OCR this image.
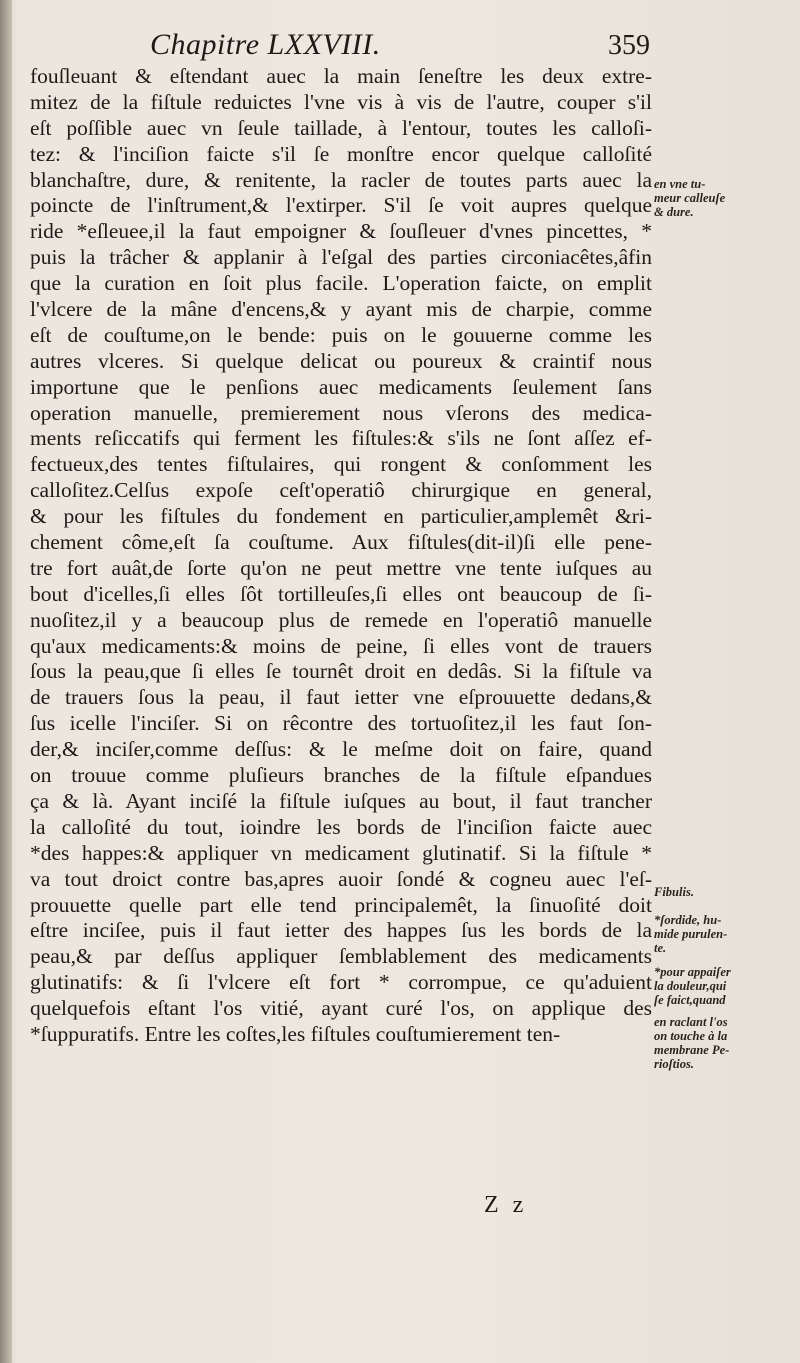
Chapitre LXXVIII.	359
fouſleuant & eſtendant auec la main ſeneſtre les deux extre-
mitez de la fiſtule reduictes l'vne vis à vis de l'autre, couper s'il
eſt poſſible auec vn ſeule taillade, à l'entour, toutes les calloſi-
tez: & l'inciſion faicte s'il ſe monſtre encor quelque calloſité
blanchaſtre, dure, & renitente, la racler de toutes parts auec la
poincte de l'inſtrument,& l'extirper. S'il ſe voit aupres quelque
ride *eſleuee,il la faut empoigner & ſouſleuer d'vnes pincettes, *
puis la trâcher & applanir à l'eſgal des parties circoniacêtes,âfin
que la curation en ſoit plus facile. L'operation faicte, on emplit
l'vlcere de la mâne d'encens,& y ayant mis de charpie, comme
eſt de couſtume,on le bende: puis on le gouuerne comme les
autres vlceres. Si quelque delicat ou poureux & craintif nous
importune que le penſions auec medicaments ſeulement ſans
operation manuelle, premierement nous vſerons des medica-
ments reſiccatifs qui ferment les fiſtules:& s'ils ne ſont aſſez ef-
fectueux,des tentes fiſtulaires, qui rongent & conſomment les
calloſitez.Celſus expoſe ceſt'operatiô chirurgique en general,
& pour les fiſtules du fondement en particulier,amplemêt &ri-
chement côme,eſt ſa couſtume. Aux fiſtules(dit-il)ſi elle pene-
tre fort auât,de ſorte qu'on ne peut mettre vne tente iuſques au
bout d'icelles,ſi elles ſôt tortilleuſes,ſi elles ont beaucoup de ſi-
nuoſitez,il y a beaucoup plus de remede en l'operatiô manuelle
qu'aux medicaments:& moins de peine, ſi elles vont de trauers
ſous la peau,que ſi elles ſe tournêt droit en dedâs. Si la fiſtule va
de trauers ſous la peau, il faut ietter vne eſprouuette dedans,&
ſus icelle l'inciſer. Si on rêcontre des tortuoſitez,il les faut ſon-
der,& inciſer,comme deſſus: & le meſme doit on faire, quand
on trouue comme pluſieurs branches de la fiſtule eſpandues
ça & là. Ayant inciſé la fiſtule iuſques au bout, il faut trancher
la calloſité du tout, ioindre les bords de l'inciſion faicte auec
*des happes:& appliquer vn medicament glutinatif. Si la fiſtule *
va tout droict contre bas,apres auoir ſondé & cogneu auec l'eſ-
prouuette quelle part elle tend principalemêt, la ſinuoſité doit
eſtre inciſee, puis il faut ietter des happes ſus les bords de la
peau,& par deſſus appliquer ſemblablement des medicaments
glutinatifs: & ſi l'vlcere eſt fort * corrompue, ce qu'aduient
quelquefois eſtant l'os vitié, ayant curé l'os, on applique des
*ſuppuratifs. Entre les coſtes,les fiſtules couſtumierement ten-
en vne tu-
meur calleuſe
& dure.
Fibulis.
*ſordide, hu-
mide purulen-
te.
*pour appaiſer
la douleur,qui
ſe faict,quand
en raclant l'os
on touche à la
membrane Pe-
rioſtios.
Z z
